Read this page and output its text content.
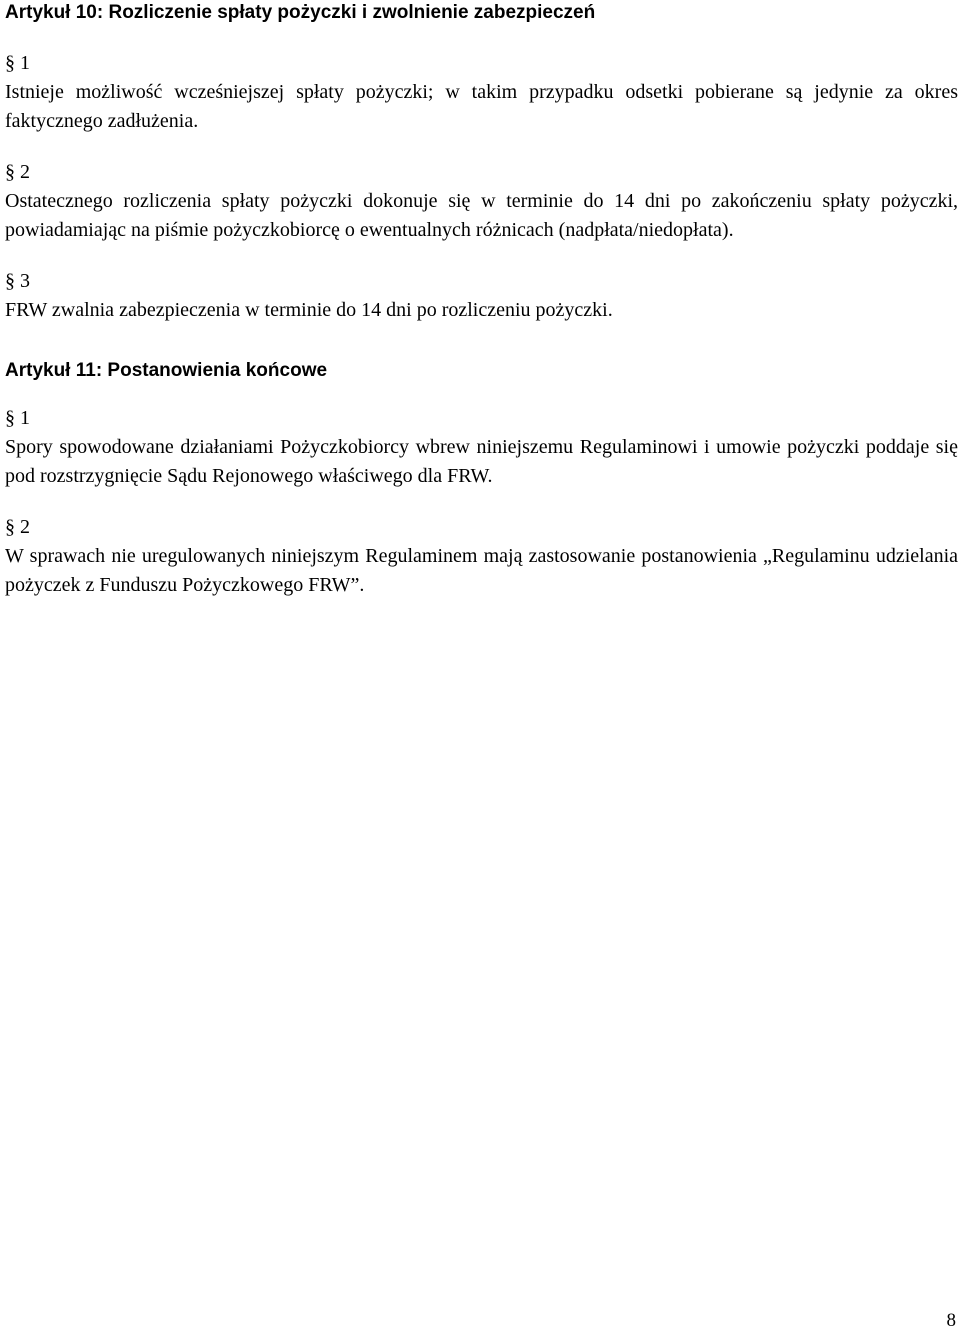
Artykuł 10: Rozliczenie spłaty pożyczki i zwolnienie zabezpieczeń

§ 1

Istnieje możliwość wcześniejszej spłaty pożyczki; w takim przypadku odsetki pobierane są jedynie za okres faktycznego zadłużenia.

§ 2

Ostatecznego rozliczenia spłaty pożyczki dokonuje się w terminie do 14 dni po zakończeniu spłaty pożyczki, powiadamiając na piśmie pożyczkobiorcę o ewentualnych różnicach (nadpłata/niedopłata).

§ 3

FRW zwalnia zabezpieczenia w terminie do 14 dni po rozliczeniu pożyczki.

Artykuł 11: Postanowienia końcowe

§ 1

Spory spowodowane działaniami Pożyczkobiorcy wbrew niniejszemu Regulaminowi i umowie pożyczki poddaje się pod rozstrzygnięcie Sądu Rejonowego właściwego dla FRW.

§ 2

W sprawach nie uregulowanych niniejszym Regulaminem mają zastosowanie postanowienia „Regulaminu udzielania pożyczek z Funduszu Pożyczkowego FRW”.

8
